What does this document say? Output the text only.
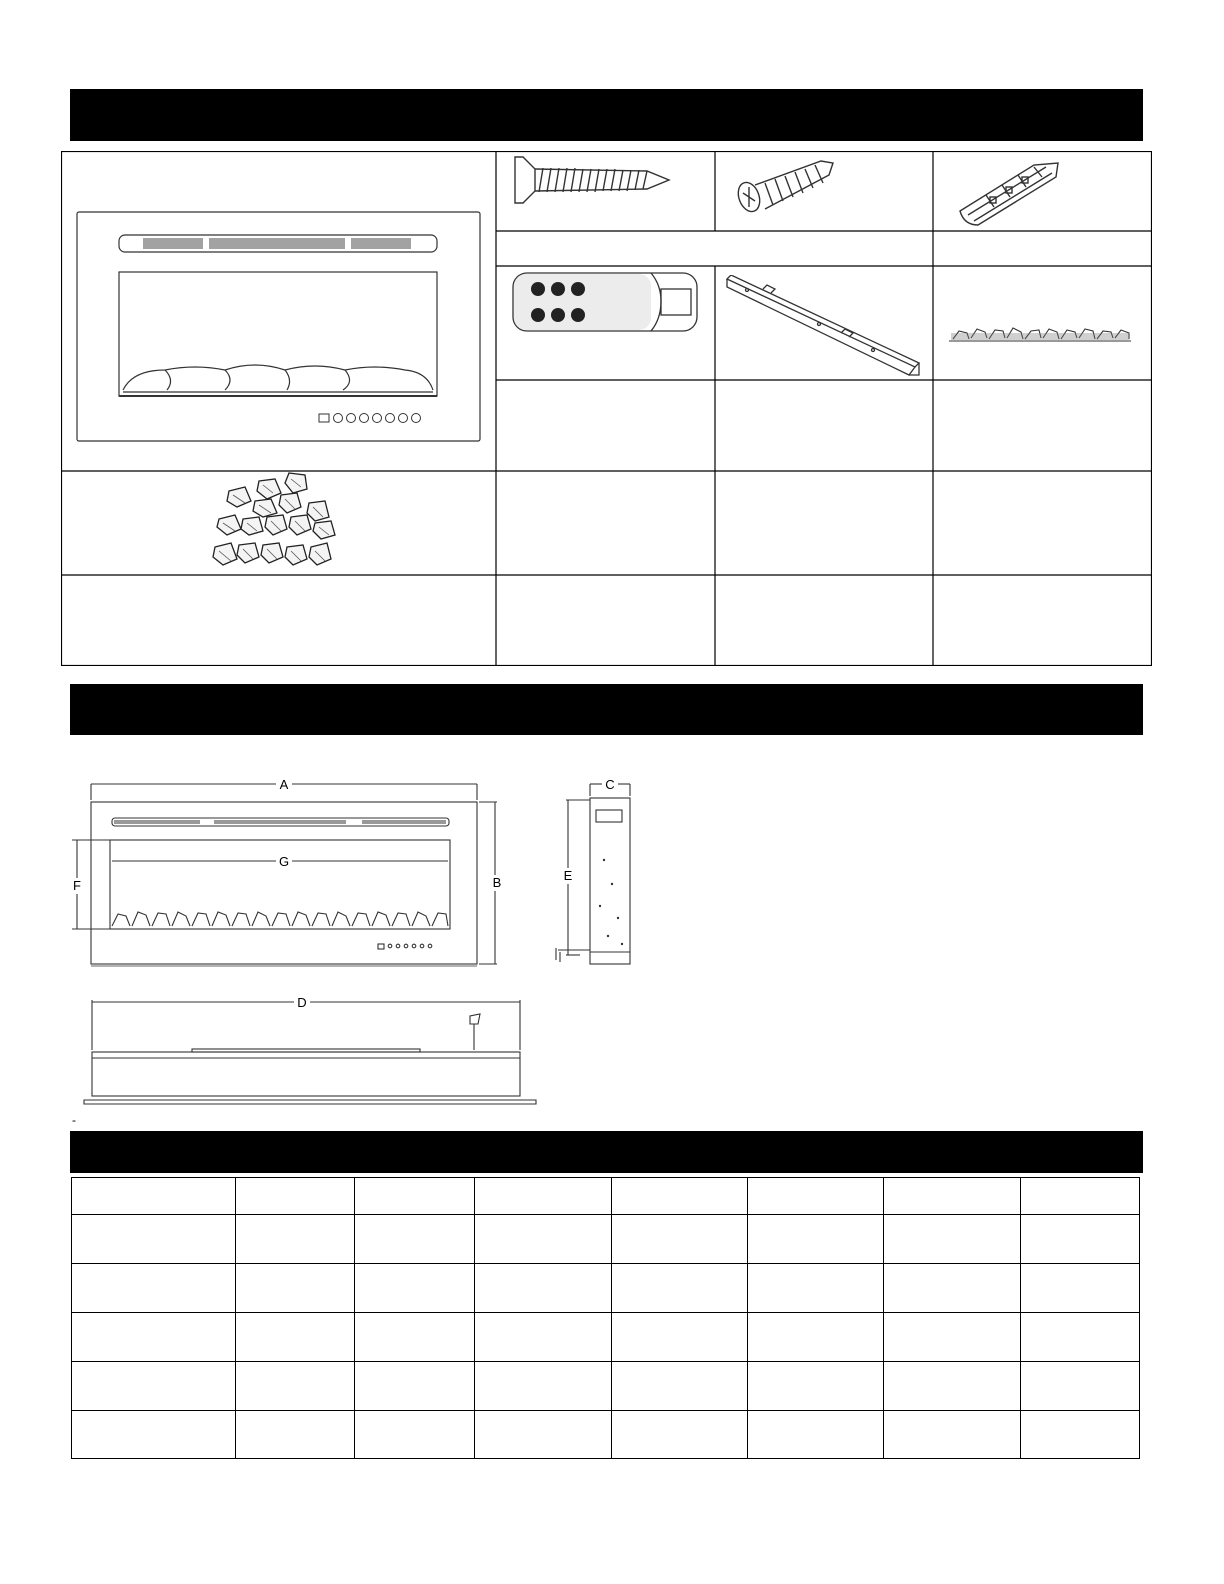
A
B
C
D
E
F
G
-
